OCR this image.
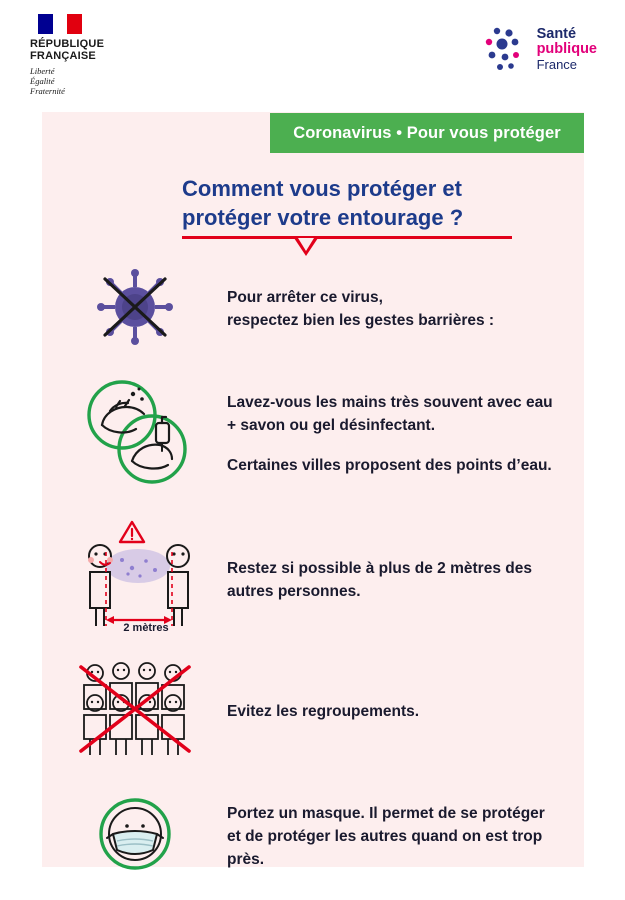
RÉPUBLIQUE
FRANÇAISE
Liberté
Égalité
Fraternité
Santé
publique
France
Coronavirus • Pour vous protéger
Comment vous protéger et
protéger votre entourage ?
Pour arrêter ce virus,
respectez bien les gestes barrières :
Lavez-vous les mains très souvent avec eau + savon ou gel désinfectant.
Certaines villes proposent des points d’eau.
2 mètres
Restez si possible à plus de 2 mètres des autres personnes.
Evitez les regroupements.
Portez un masque. Il permet de se protéger et de protéger les autres quand on est trop près.
